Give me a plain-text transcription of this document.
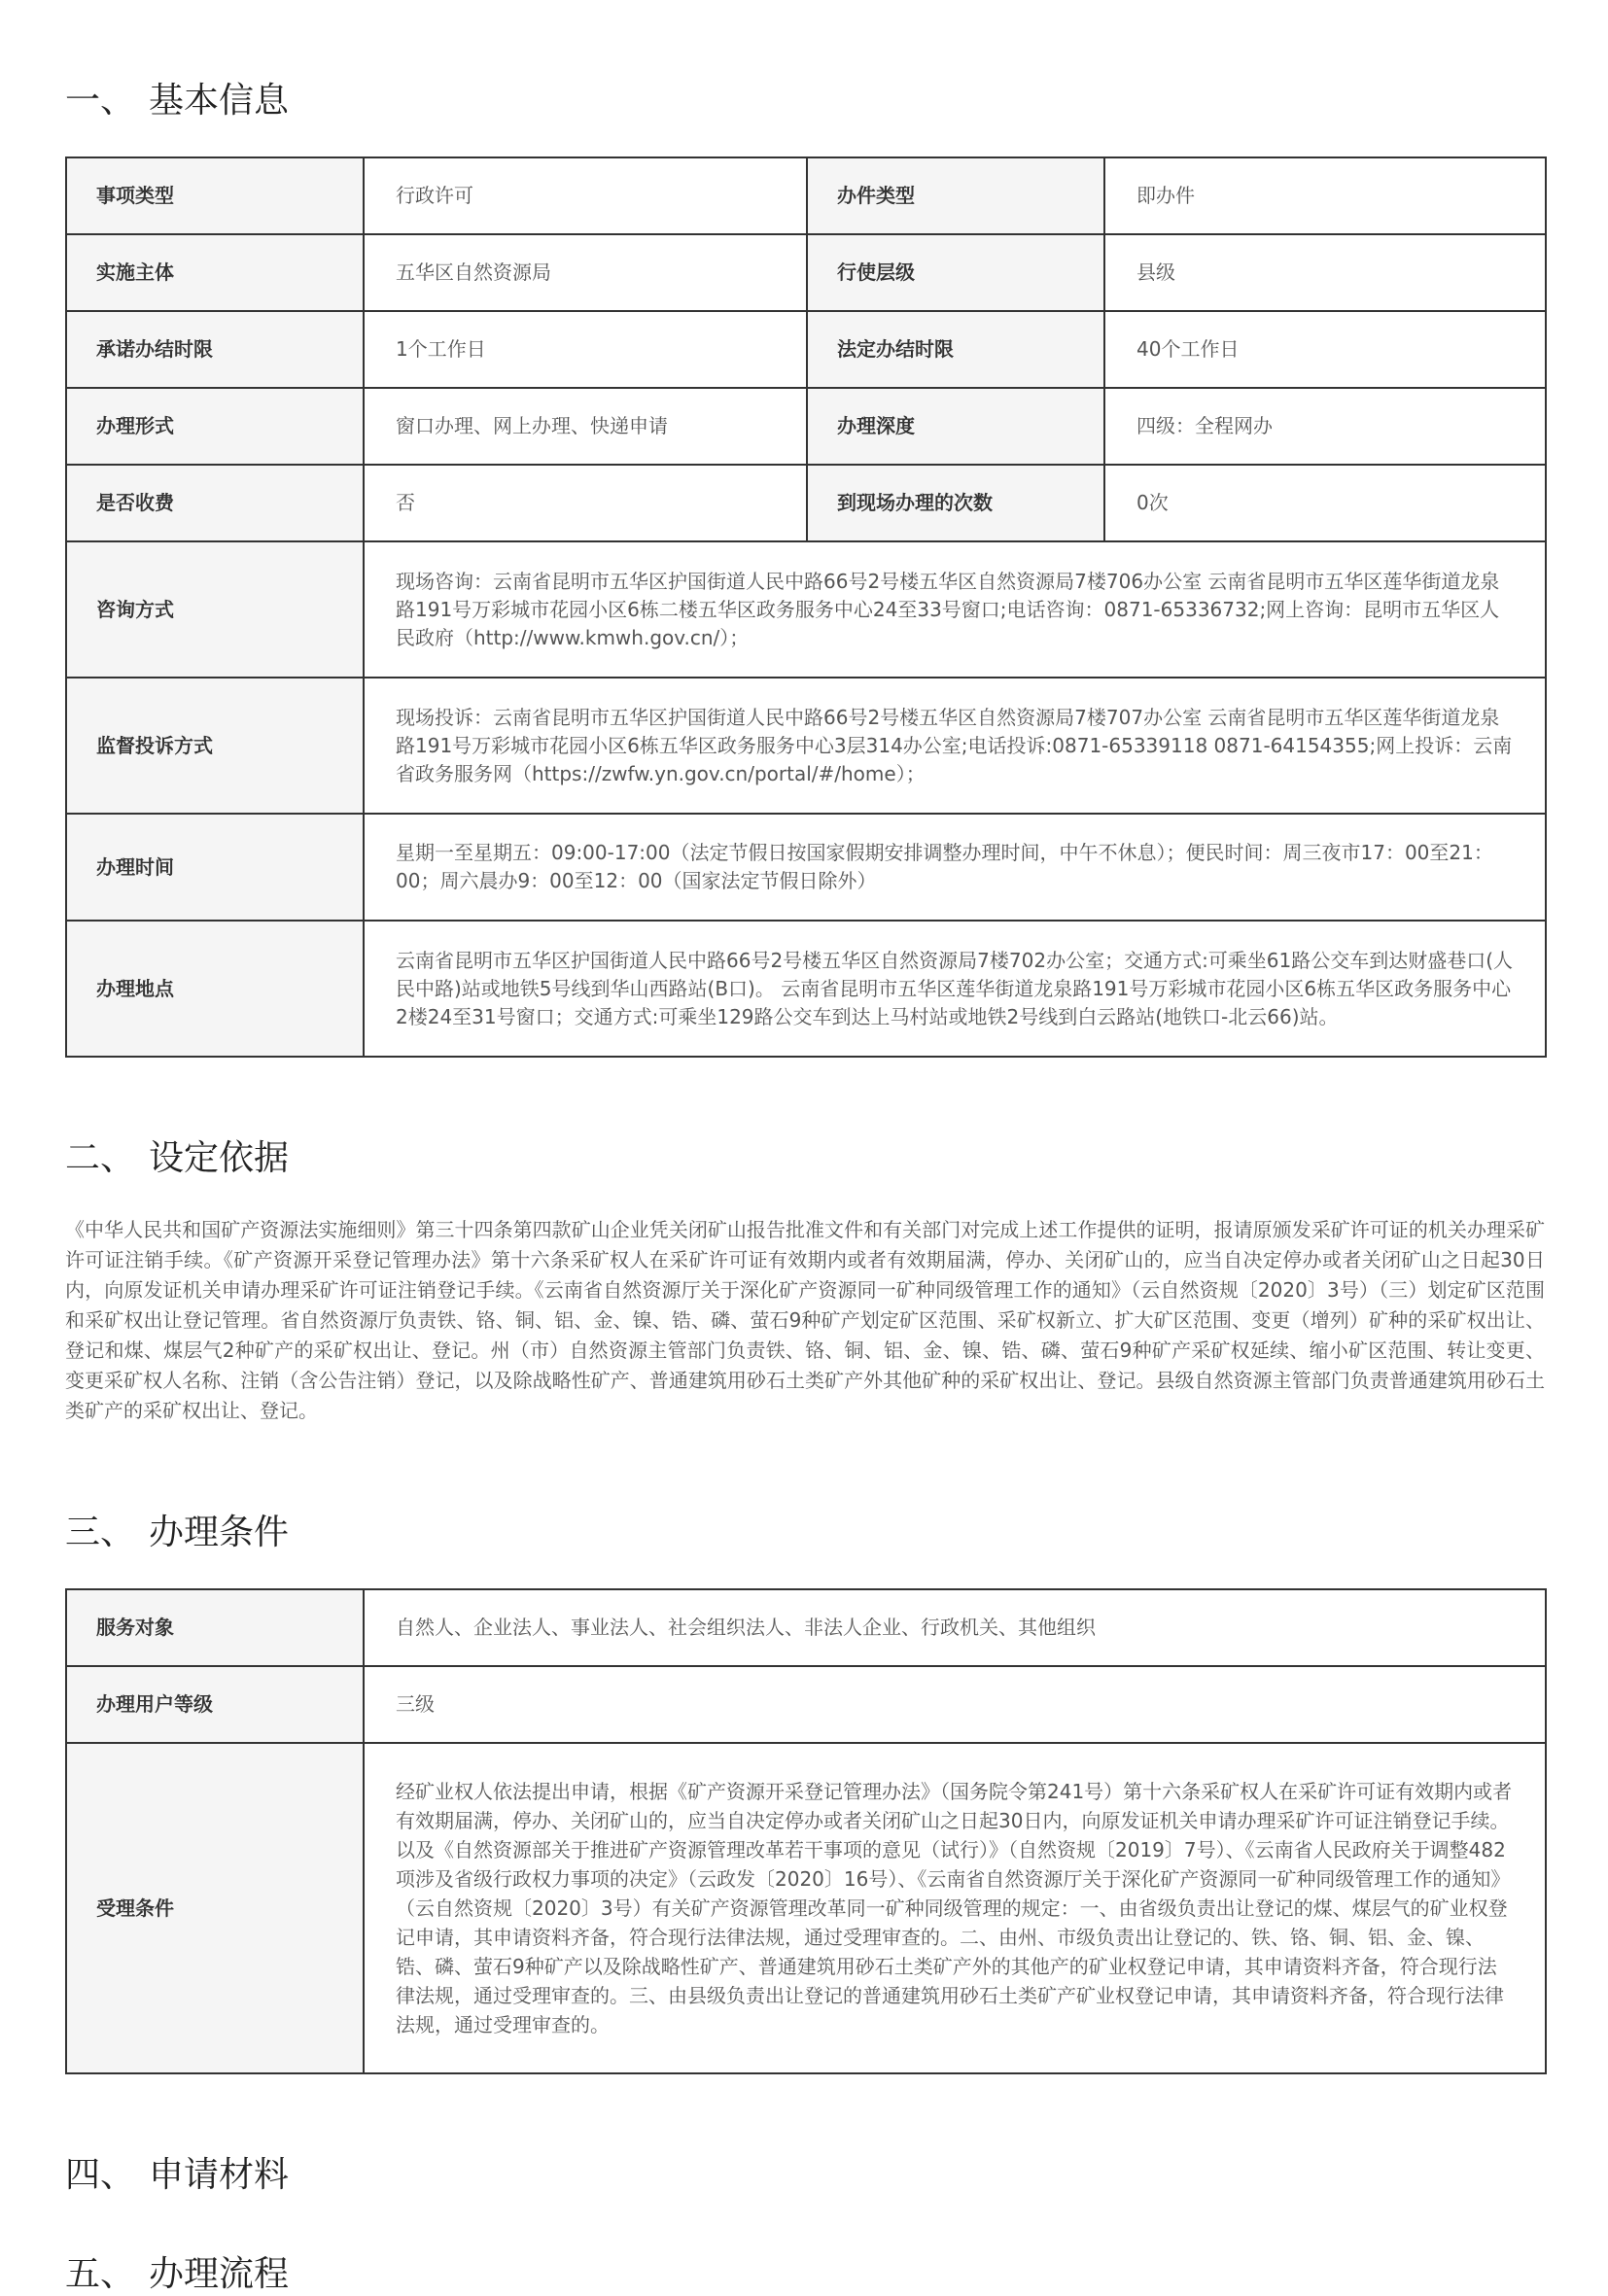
一、 基本信息
事项类型	行政许可	办件类型	即办件
实施主体	五华区自然资源局	行使层级	县级
承诺办结时限	1个工作日	法定办结时限	40个工作日
办理形式	窗口办理、网上办理、快递申请	办理深度	四级：全程网办
是否收费	否	到现场办理的次数	0次
咨询方式	现场咨询：云南省昆明市五华区护国街道人民中路66号2号楼五华区自然资源局7楼706办公室 云南省昆明市五华区莲华街道龙泉路191号万彩城市花园小区6栋二楼五华区政务服务中心24至33号窗口;电话咨询：0871-65336732;网上咨询：昆明市五华区人民政府（http://www.kmwh.gov.cn/）；		
监督投诉方式	现场投诉：云南省昆明市五华区护国街道人民中路66号2号楼五华区自然资源局7楼707办公室 云南省昆明市五华区莲华街道龙泉路191号万彩城市花园小区6栋五华区政务服务中心3层314办公室;电话投诉:0871-65339118 0871-64154355;网上投诉：云南省政务服务网（https://zwfw.yn.gov.cn/portal/#/home）；		
办理时间	星期一至星期五：09:00-17:00（法定节假日按国家假期安排调整办理时间，中午不休息）；便民时间：周三夜市17：00至21：00；周六晨办9：00至12：00（国家法定节假日除外）		
办理地点	云南省昆明市五华区护国街道人民中路66号2号楼五华区自然资源局7楼702办公室；交通方式:可乘坐61路公交车到达财盛巷口(人民中路)站或地铁5号线到华山西路站(B口)。 云南省昆明市五华区莲华街道龙泉路191号万彩城市花园小区6栋五华区政务服务中心2楼24至31号窗口；交通方式:可乘坐129路公交车到达上马村站或地铁2号线到白云路站(地铁口-北云66)站。		
二、 设定依据

《中华人民共和国矿产资源法实施细则》第三十四条第四款矿山企业凭关闭矿山报告批准文件和有关部门对完成上述工作提供的证明，报请原颁发采矿许可证的机关办理采矿许可证注销手续。《矿产资源开采登记管理办法》第十六条采矿权人在采矿许可证有效期内或者有效期届满，停办、关闭矿山的，应当自决定停办或者关闭矿山之日起30日内，向原发证机关申请办理采矿许可证注销登记手续。《云南省自然资源厅关于深化矿产资源同一矿种同级管理工作的通知》（云自然资规〔2020〕3号）（三）划定矿区范围和采矿权出让登记管理。省自然资源厅负责铁、铬、铜、铝、金、镍、锆、磷、萤石9种矿产划定矿区范围、采矿权新立、扩大矿区范围、变更（增列）矿种的采矿权出让、登记和煤、煤层气2种矿产的采矿权出让、登记。州（市）自然资源主管部门负责铁、铬、铜、铝、金、镍、锆、磷、萤石9种矿产采矿权延续、缩小矿区范围、转让变更、变更采矿权人名称、注销（含公告注销）登记，以及除战略性矿产、普通建筑用砂石土类矿产外其他矿种的采矿权出让、登记。县级自然资源主管部门负责普通建筑用砂石土类矿产的采矿权出让、登记。

三、 办理条件
服务对象	自然人、企业法人、事业法人、社会组织法人、非法人企业、行政机关、其他组织
办理用户等级	三级
受理条件	经矿业权人依法提出申请，根据《矿产资源开采登记管理办法》（国务院令第241号）第十六条采矿权人在采矿许可证有效期内或者有效期届满，停办、关闭矿山的，应当自决定停办或者关闭矿山之日起30日内，向原发证机关申请办理采矿许可证注销登记手续。以及《自然资源部关于推进矿产资源管理改革若干事项的意见（试行）》（自然资规〔2019〕7号）、《云南省人民政府关于调整482项涉及省级行政权力事项的决定》（云政发〔2020〕16号）、《云南省自然资源厅关于深化矿产资源同一矿种同级管理工作的通知》（云自然资规〔2020〕3号）有关矿产资源管理改革同一矿种同级管理的规定：一、由省级负责出让登记的煤、煤层气的矿业权登记申请，其申请资料齐备，符合现行法律法规，通过受理审查的。二、由州、市级负责出让登记的、铁、铬、铜、铝、金、镍、锆、磷、萤石9种矿产以及除战略性矿产、普通建筑用砂石土类矿产外的其他产的矿业权登记申请，其申请资料齐备，符合现行法律法规，通过受理审查的。三、由县级负责出让登记的普通建筑用砂石土类矿产矿业权登记申请，其申请资料齐备，符合现行法律法规，通过受理审查的。
四、 申请材料
五、 办理流程
